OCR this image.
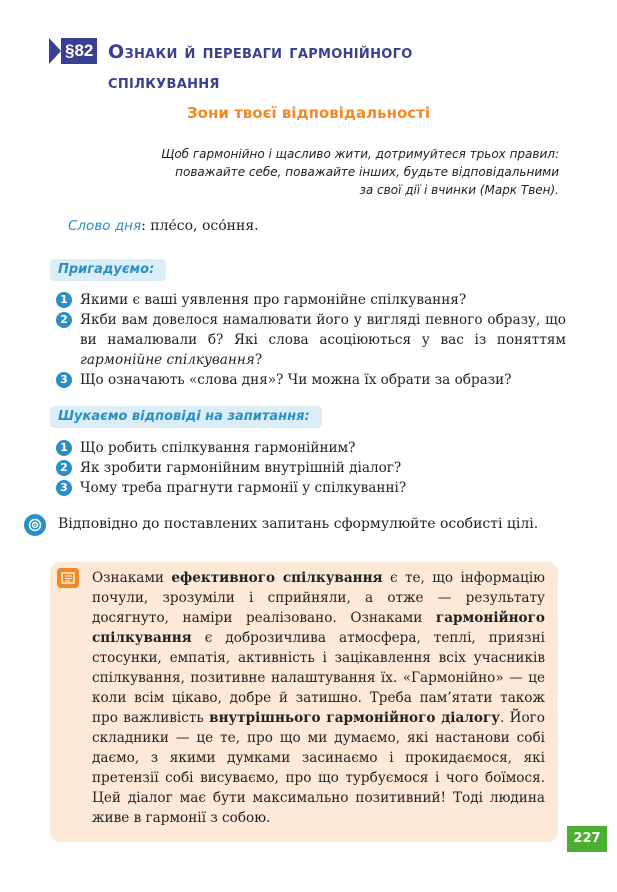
§82 Ознаки й переваги гармонійного
спілкування
Зони твоєї відповідальності
Щоб гармонійно і щасливо жити, дотримуйтеся трьох правил:
поважайте себе, поважайте інших, будьте відповідальними
за свої дії і вчинки (Марк Твен).
Слово дня: пле́со, осо́ння.
Пригадуємо:
1 Якими є ваші уявлення про гармонійне спілкування?
2 Якби вам довелося намалювати його у вигляді певного образу, що ви намалювали б? Які слова асоціюються у вас із поняттям гармонійне спілкування?
3 Що означають «слова дня»? Чи можна їх обрати за образи?
Шукаємо відповіді на запитання:
1 Що робить спілкування гармонійним?
2 Як зробити гармонійним внутрішній діалог?
3 Чому треба прагнути гармонії у спілкуванні?
Відповідно до поставлених запитань сформулюйте особисті цілі.
Ознаками ефективного спілкування є те, що інформацію почули, зрозуміли і сприйняли, а отже — результату досягнуто, наміри реалізовано. Ознаками гармонійного спілкування є доброзичлива атмосфера, теплі, приязні стосунки, емпатія, активність і зацікавлення всіх учасників спілкування, позитивне налаштування їх. «Гармонійно» — це коли всім цікаво, добре й затишно. Треба пам’ятати також про важливість внутрішнього гармонійного діалогу. Його складники — це те, про що ми думаємо, які настанови собі даємо, з якими думками засинаємо і прокидаємося, які претензії собі висуваємо, про що турбуємося і чого боїмося. Цей діалог має бути максимально позитивний! Тоді людина живе в гармонії з собою.
227
